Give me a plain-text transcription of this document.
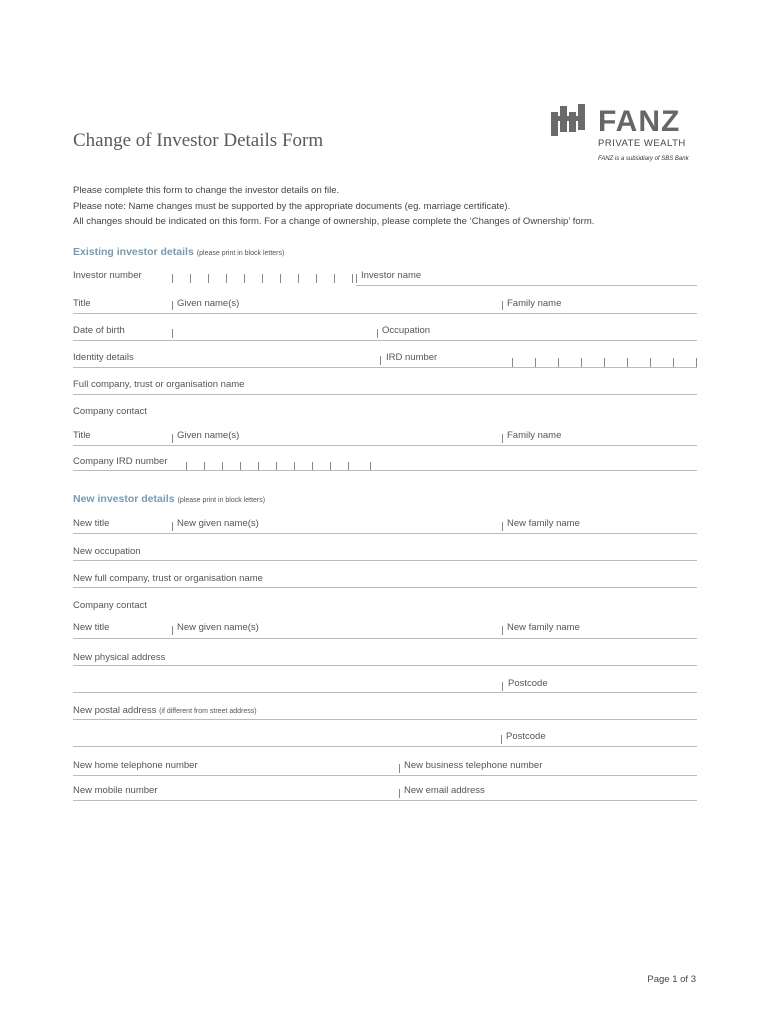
Change of Investor Details Form
FANZ
PRIVATE WEALTH
FANZ is a subsidiary of SBS Bank
Please complete this form to change the investor details on file.
Please note: Name changes must be supported by the appropriate documents (eg. marriage certificate).
All changes should be indicated on this form. For a change of ownership, please complete the ‘Changes of Ownership’ form.
Existing investor details (please print in block letters)
Investor number	Investor name
Title	Given name(s)	Family name
Date of birth	Occupation
Identity details	IRD number
Full company, trust or organisation name
Company contact
Title	Given name(s)	Family name
Company IRD number
New investor details (please print in block letters)
New title	New given name(s)	New family name
New occupation
New full company, trust or organisation name
Company contact
New title	New given name(s)	New family name
New physical address
Postcode
New postal address (if different from street address)
Postcode
New home telephone number	New business telephone number
New mobile number	New email address
Page 1 of 3
